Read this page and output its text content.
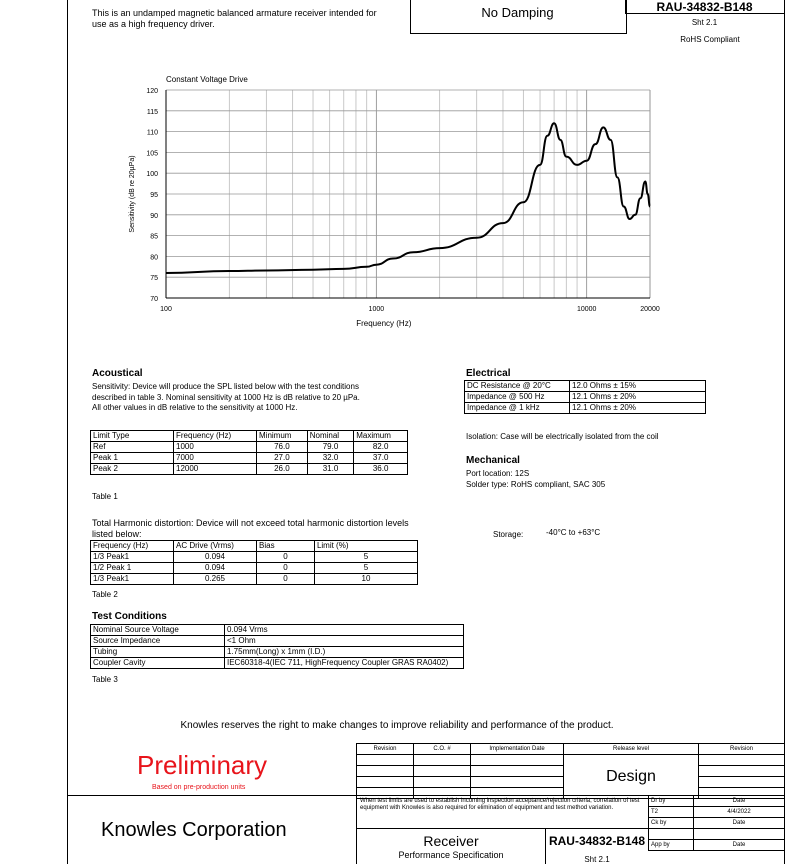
This is an undamped magnetic balanced armature receiver intended for use as a high frequency driver.
No Damping	RAU-34832-B148
Sht 2.1
RoHS Compliant
70
75
80
85
90
95
100
105
110
115
120
100	1000	10000	20000
Constant Voltage Drive
Frequency (Hz)
Sensitivity (dB re 20µPa)
Acoustical
Sensitivity: Device will produce the SPL listed below with the test conditions
described in table 3. Nominal sensitivity at 1000 Hz is dB relative to 20 µPa.
All other values in dB relative to the sensitivity at 1000 Hz.
Limit Type	Frequency (Hz)	Minimum	Nominal	Maximum
Ref	1000	76.0	79.0	82.0
Peak 1	7000	27.0	32.0	37.0
Peak 2	12000	26.0	31.0	36.0
Table 1
Total Harmonic distortion: Device will not exceed total harmonic distortion levels
listed below:
Frequency (Hz)	AC Drive (Vrms)	Bias	Limit (%)
1/3 Peak1	0.094	0	5
1/2 Peak 1	0.094	0	5
1/3 Peak1	0.265	0	10
Table 2
Test Conditions
Nominal Source Voltage	0.094 Vrms
Source Impedance	<1 Ohm
Tubing	1.75mm(Long) x 1mm (I.D.)
Coupler Cavity	IEC60318-4(IEC 711, HighFrequency Coupler GRAS RA0402)
Table 3
Electrical
DC Resistance @ 20°C	12.0 Ohms ± 15%
Impedance @ 500 Hz	12.1 Ohms ± 20%
Impedance @ 1 kHz	12.1 Ohms ± 20%
Isolation: Case will be electrically isolated from the coil
Mechanical
Port location: 12S
Solder type: RoHS compliant, SAC 305
Storage:	-40°C to +63°C
Knowles reserves the right to make changes to improve reliability and performance of the product.
Revision	C.O. #	Implementation Date	Release level	Revision
			Design	

Preliminary
Based on pre-production units
Knowles Corporation
When test limits are used to establish incoming inspection acceptance/rejection criteria, correlation of test equipment with Knowles is also required for elimination of equipment and test method variation.
Dr by	Date
T2	4/4/2022
Ck by	Date

App by	Date
Receiver
Performance Specification
RAU-34832-B148
Sht 2.1
